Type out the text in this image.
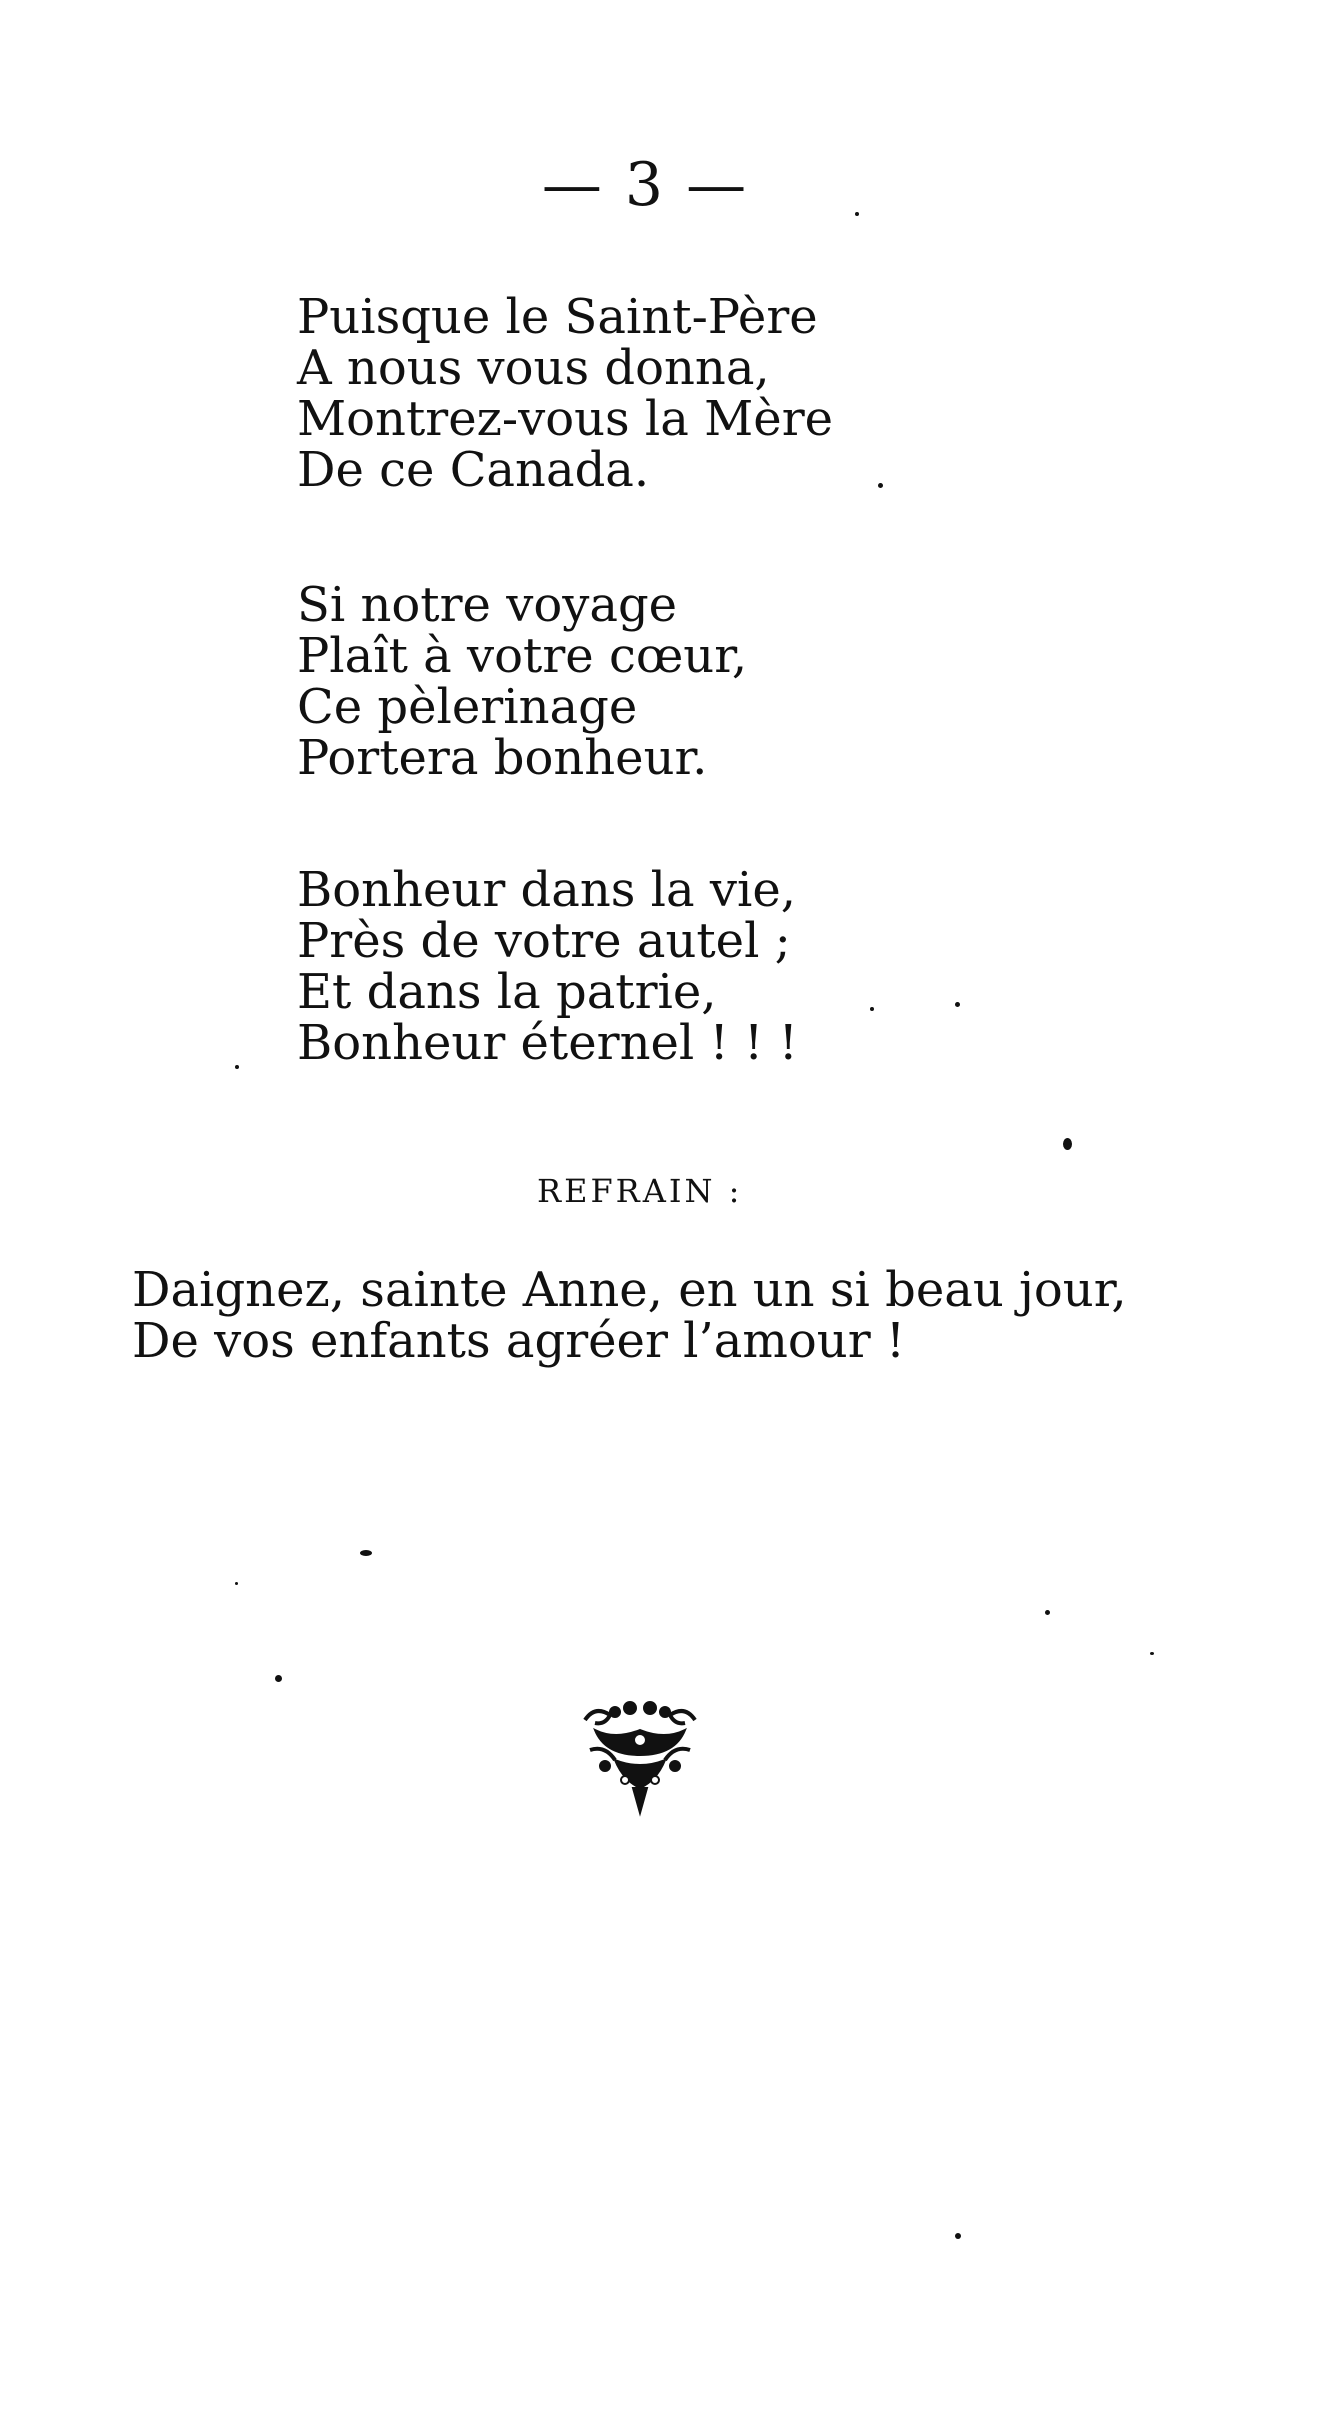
— 3 —
Puisque le Saint-Père
A nous vous donna,
Montrez-vous la Mère
De ce Canada.
Si notre voyage
Plaît à votre cœur,
Ce pèlerinage
Portera bonheur.
Bonheur dans la vie,
Près de votre autel ;
Et dans la patrie,
Bonheur éternel ! ! !
REFRAIN :
Daignez, sainte Anne, en un si beau jour,
De vos enfants agréer l’amour !
